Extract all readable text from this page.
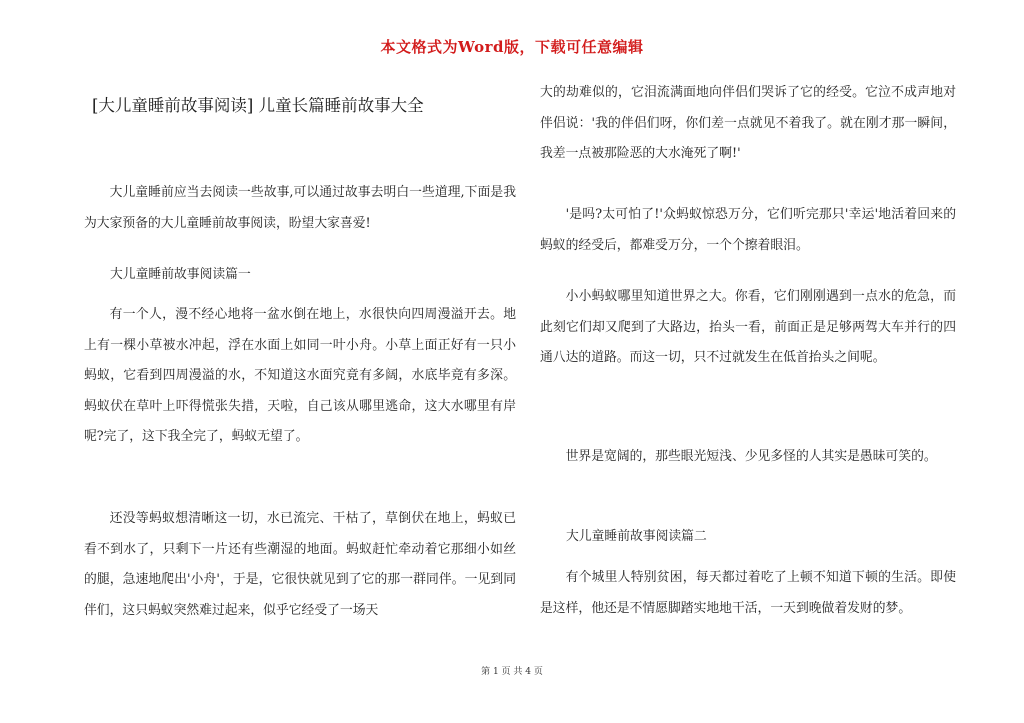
本文格式为Word版，下载可任意编辑
[大儿童睡前故事阅读] 儿童长篇睡前故事大全

大儿童睡前应当去阅读一些故事,可以通过故事去明白一些道理,下面是我为大家预备的大儿童睡前故事阅读，盼望大家喜爱!

大儿童睡前故事阅读篇一

有一个人，漫不经心地将一盆水倒在地上，水很快向四周漫溢开去。地上有一棵小草被水冲起，浮在水面上如同一叶小舟。小草上面正好有一只小蚂蚁，它看到四周漫溢的水，不知道这水面究竟有多阔，水底毕竟有多深。蚂蚁伏在草叶上吓得慌张失措，天啦，自己该从哪里逃命，这大水哪里有岸呢?完了，这下我全完了，蚂蚁无望了。

还没等蚂蚁想清晰这一切，水已流完、干枯了，草倒伏在地上，蚂蚁已看不到水了，只剩下一片还有些潮湿的地面。蚂蚁赶忙牵动着它那细小如丝的腿，急速地爬出'小舟'，于是，它很快就见到了它的那一群同伴。一见到同伴们，这只蚂蚁突然难过起来，似乎它经受了一场天

大的劫难似的，它泪流满面地向伴侣们哭诉了它的经受。它泣不成声地对伴侣说：'我的伴侣们呀，你们差一点就见不着我了。就在刚才那一瞬间，我差一点被那险恶的大水淹死了啊!'

'是吗?太可怕了!'众蚂蚁惊恐万分，它们听完那只'幸运'地活着回来的蚂蚁的经受后，都难受万分，一个个擦着眼泪。

小小蚂蚁哪里知道世界之大。你看，它们刚刚遇到一点水的危急，而此刻它们却又爬到了大路边，抬头一看，前面正是足够两驾大车并行的四通八达的道路。而这一切，只不过就发生在低首抬头之间呢。

世界是宽阔的，那些眼光短浅、少见多怪的人其实是愚昧可笑的。

大儿童睡前故事阅读篇二

有个城里人特别贫困，每天都过着吃了上顿不知道下顿的生活。即使是这样，他还是不情愿脚踏实地地干活，一天到晚做着发财的梦。

第 1 页 共 4 页
